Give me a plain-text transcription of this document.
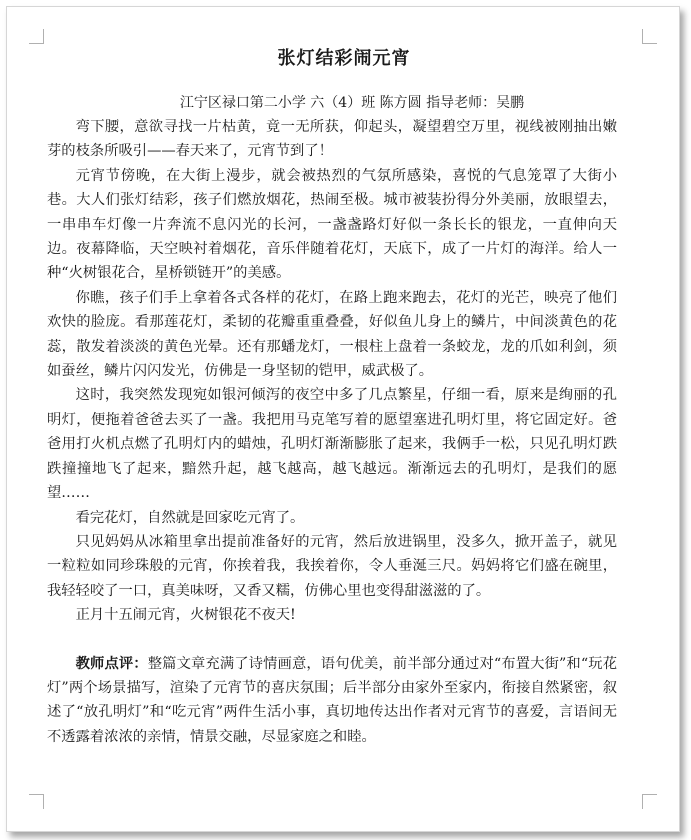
张灯结彩闹元宵

江宁区禄口第二小学 六（4）班 陈方圆 指导老师：吴鹏

弯下腰，意欲寻找一片枯黄，竟一无所获，仰起头，凝望碧空万里，视线被刚抽出嫩芽的枝条所吸引——春天来了，元宵节到了！

元宵节傍晚，在大街上漫步，就会被热烈的气氛所感染，喜悦的气息笼罩了大街小巷。大人们张灯结彩，孩子们燃放烟花，热闹至极。城市被装扮得分外美丽，放眼望去，一串串车灯像一片奔流不息闪光的长河，一盏盏路灯好似一条长长的银龙，一直伸向天边。夜幕降临，天空映衬着烟花，音乐伴随着花灯，天底下，成了一片灯的海洋。给人一种“火树银花合，星桥锁链开”的美感。

你瞧，孩子们手上拿着各式各样的花灯，在路上跑来跑去，花灯的光芒，映亮了他们欢快的脸庞。看那莲花灯，柔韧的花瓣重重叠叠，好似鱼儿身上的鳞片，中间淡黄色的花蕊，散发着淡淡的黄色光晕。还有那蟠龙灯，一根柱上盘着一条蛟龙，龙的爪如利剑，须如蚕丝，鳞片闪闪发光，仿佛是一身坚韧的铠甲，威武极了。

这时，我突然发现宛如银河倾泻的夜空中多了几点繁星，仔细一看，原来是绚丽的孔明灯，便拖着爸爸去买了一盏。我把用马克笔写着的愿望塞进孔明灯里，将它固定好。爸爸用打火机点燃了孔明灯内的蜡烛，孔明灯渐渐膨胀了起来，我俩手一松，只见孔明灯跌跌撞撞地飞了起来，黯然升起，越飞越高，越飞越远。渐渐远去的孔明灯，是我们的愿望……

看完花灯，自然就是回家吃元宵了。

只见妈妈从冰箱里拿出提前准备好的元宵，然后放进锅里，没多久，掀开盖子，就见一粒粒如同珍珠般的元宵，你挨着我，我挨着你，令人垂涎三尺。妈妈将它们盛在碗里，我轻轻咬了一口，真美味呀，又香又糯，仿佛心里也变得甜滋滋的了。

正月十五闹元宵，火树银花不夜天!

教师点评：整篇文章充满了诗情画意，语句优美，前半部分通过对“布置大街”和“玩花灯”两个场景描写，渲染了元宵节的喜庆氛围；后半部分由家外至家内，衔接自然紧密，叙述了“放孔明灯”和“吃元宵”两件生活小事，真切地传达出作者对元宵节的喜爱，言语间无不透露着浓浓的亲情，情景交融，尽显家庭之和睦。
